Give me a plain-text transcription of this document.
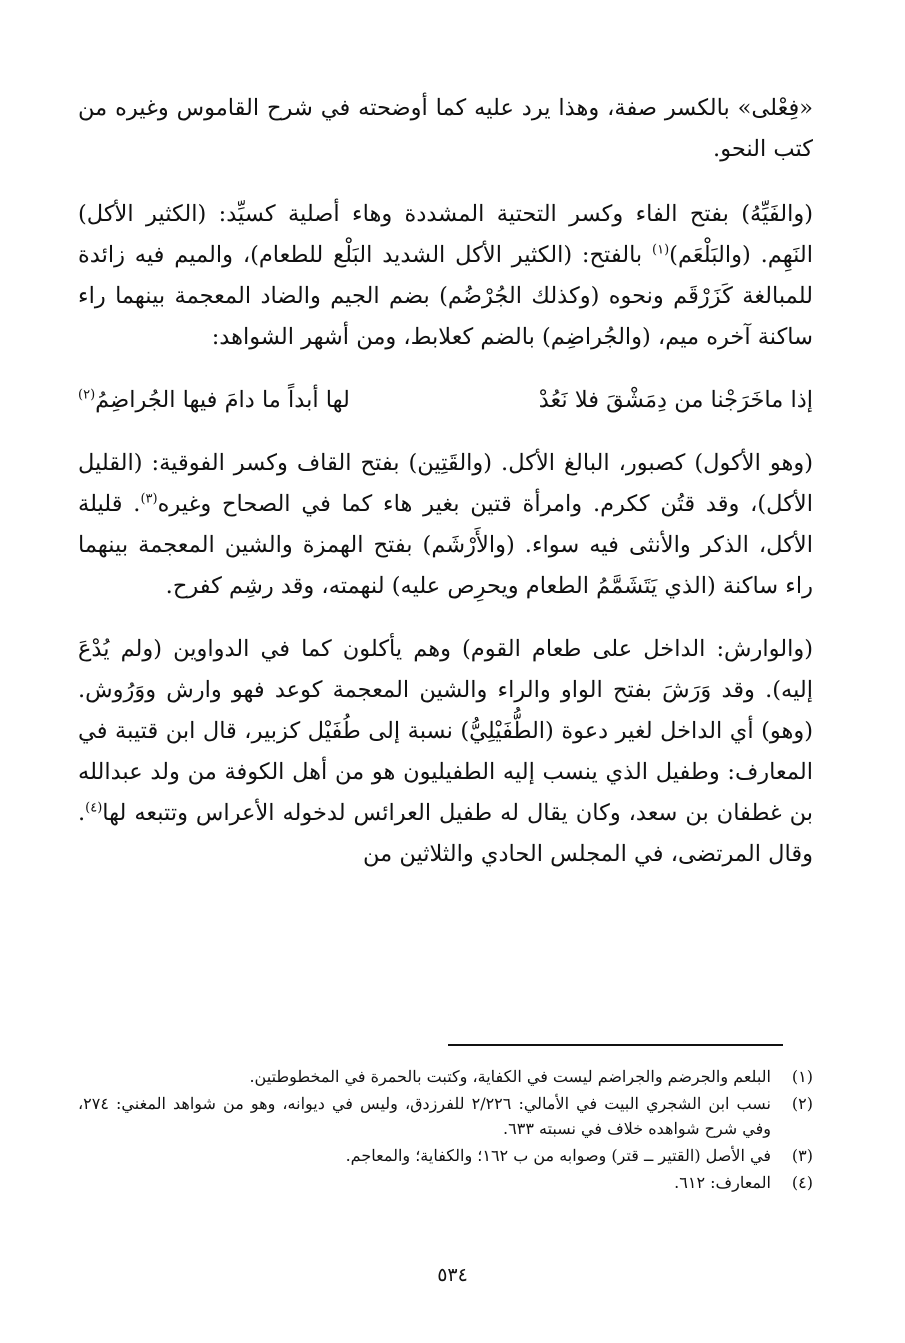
«فِعْلى» بالكسر صفة، وهذا يرد عليه كما أوضحته في شرح القاموس وغيره من كتب النحو.

(والفَيِّهُ) بفتح الفاء وكسر التحتية المشددة وهاء أصلية كسيِّد: (الكثير الأكل) النَهِم. (والبَلْعَم)$^{(١)}$ بالفتح: (الكثير الأكل الشديد البَلْع للطعام)، والميم فيه زائدة للمبالغة كَزَرْقَم ونحوه (وكذلك الجُرْضُم) بضم الجيم والضاد المعجمة بينهما راء ساكنة آخره ميم، (والجُراضِم) بالضم كعلابط، ومن أشهر الشواهد:

إذا ماخَرَجْنا من دِمَشْقَ فلا نَعُدْ
لها أبداً ما دامَ فيها الجُراضِمُ$^{(٢)}$

(وهو الأكول) كصبور، البالغ الأكل. (والقَتِين) بفتح القاف وكسر الفوقية: (القليل الأكل)، وقد قتُن ككرم. وامرأة قتين بغير هاء كما في الصحاح وغيره$^{(٣)}$. قليلة الأكل، الذكر والأنثى فيه سواء. (والأَرْشَم) بفتح الهمزة والشين المعجمة بينهما راء ساكنة (الذي يَتَشَمَّمُ الطعام ويحرِص عليه) لنهمته، وقد رشِم كفرح.

(والوارش: الداخل على طعام القوم) وهم يأكلون كما في الدواوين (ولم يُدْعَ إليه). وقد وَرَشَ بفتح الواو والراء والشين المعجمة كوعد فهو وارش ووَرُوش. (وهو) أي الداخل لغير دعوة (الطُّفَيْلِيُّ) نسبة إلى طُفَيْل كزبير، قال ابن قتيبة في المعارف: وطفيل الذي ينسب إليه الطفيليون هو من أهل الكوفة من ولد عبدالله بن غطفان بن سعد، وكان يقال له طفيل العرائس لدخوله الأعراس وتتبعه لها$^{(٤)}$. وقال المرتضى، في المجلس الحادي والثلاثين من

(١)
البلعم والجرضم والجراضم ليست في الكفاية، وكتبت بالحمرة في المخطوطتين.
(٢)
نسب ابن الشجري البيت في الأمالي: ٢/٢٢٦ للفرزدق، وليس في ديوانه، وهو من شواهد المغني: ٢٧٤، وفي شرح شواهده خلاف في نسبته ٦٣٣.
(٣)
في الأصل (القتير ــ قتر) وصوابه من ب ١٦٢؛ والكفاية؛ والمعاجم.
(٤)
المعارف: ٦١٢.
٥٣٤
